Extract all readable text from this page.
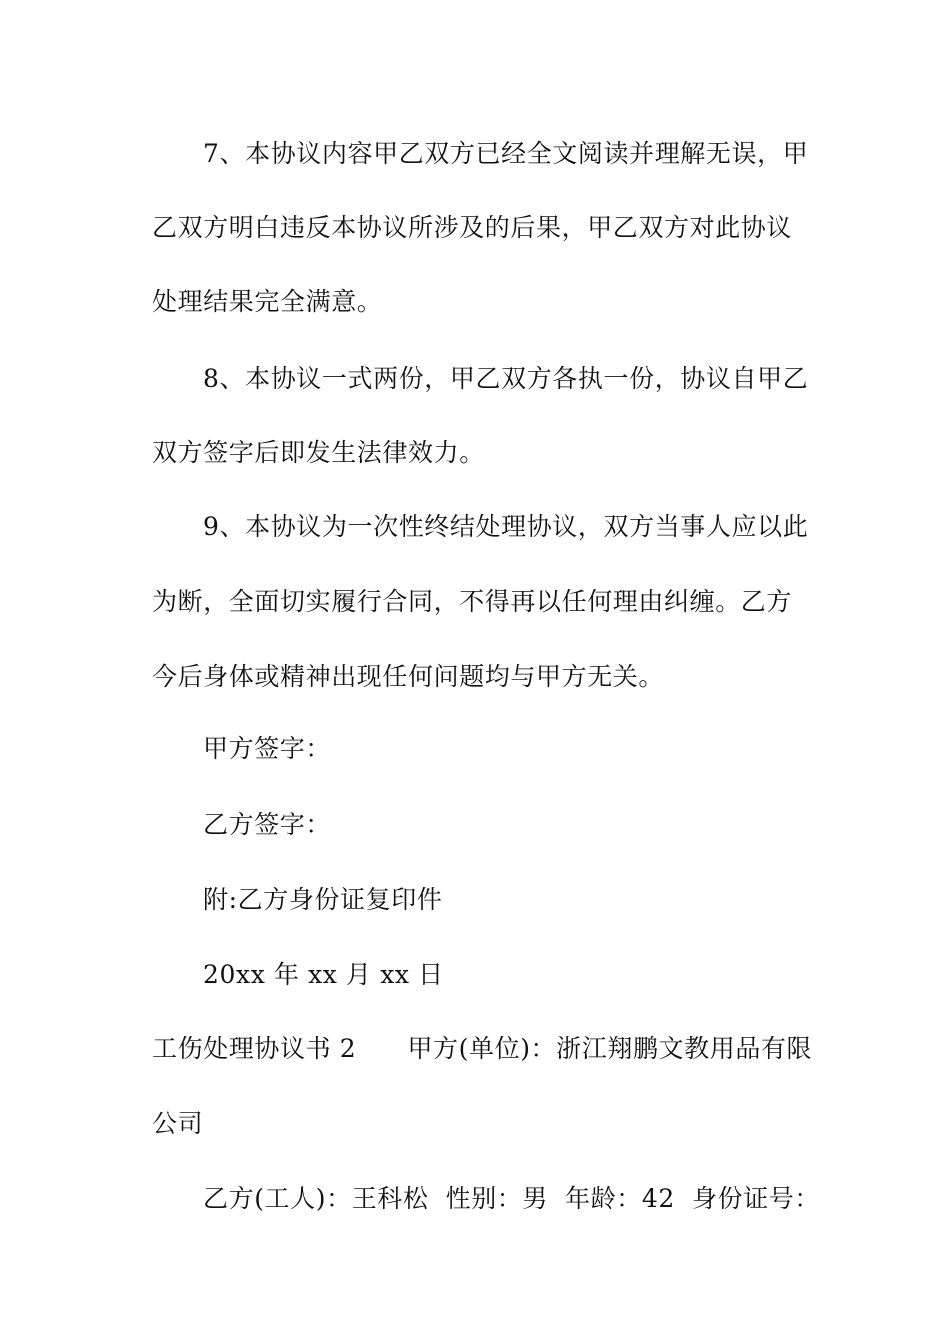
7、本协议内容甲乙双方已经全文阅读并理解无误，甲
乙双方明白违反本协议所涉及的后果，甲乙双方对此协议
处理结果完全满意。
8、本协议一式两份，甲乙双方各执一份，协议自甲乙
双方签字后即发生法律效力。
9、本协议为一次性终结处理协议，双方当事人应以此
为断，全面切实履行合同，不得再以任何理由纠缠。乙方
今后身体或精神出现任何问题均与甲方无关。
甲方签字：
乙方签字：
附:乙方身份证复印件
20xx 年 xx 月 xx 日
工伤处理协议书 2　　甲方(单位)：浙江翔鹏文教用品有限
公司
乙方(工人)：王科松  性别：男  年龄：42  身份证号：
